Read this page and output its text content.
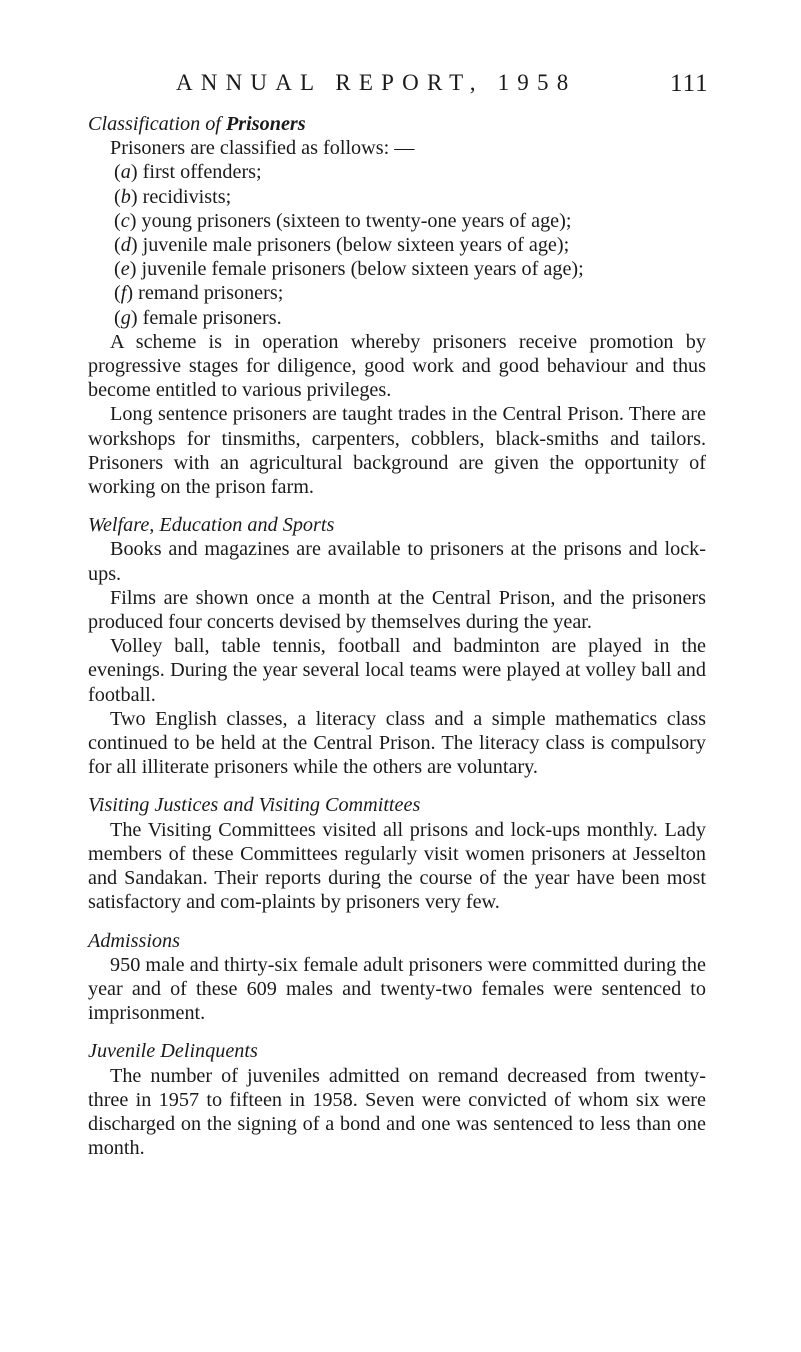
ANNUAL REPORT, 1958	111
Classification of Prisoners

Prisoners are classified as follows: —

(a) first offenders;
(b) recidivists;
(c) young prisoners (sixteen to twenty-one years of age);
(d) juvenile male prisoners (below sixteen years of age);
(e) juvenile female prisoners (below sixteen years of age);
(f) remand prisoners;
(g) female prisoners.

A scheme is in operation whereby prisoners receive promotion by progressive stages for diligence, good work and good behaviour and thus become entitled to various privileges.

Long sentence prisoners are taught trades in the Central Prison. There are workshops for tinsmiths, carpenters, cobblers, black-smiths and tailors. Prisoners with an agricultural background are given the opportunity of working on the prison farm.

Welfare, Education and Sports

Books and magazines are available to prisoners at the prisons and lock-ups.

Films are shown once a month at the Central Prison, and the prisoners produced four concerts devised by themselves during the year.

Volley ball, table tennis, football and badminton are played in the evenings. During the year several local teams were played at volley ball and football.

Two English classes, a literacy class and a simple mathematics class continued to be held at the Central Prison. The literacy class is compulsory for all illiterate prisoners while the others are voluntary.

Visiting Justices and Visiting Committees

The Visiting Committees visited all prisons and lock-ups monthly. Lady members of these Committees regularly visit women prisoners at Jesselton and Sandakan. Their reports during the course of the year have been most satisfactory and com-plaints by prisoners very few.

Admissions

950 male and thirty-six female adult prisoners were committed during the year and of these 609 males and twenty-two females were sentenced to imprisonment.

Juvenile Delinquents

The number of juveniles admitted on remand decreased from twenty-three in 1957 to fifteen in 1958. Seven were convicted of whom six were discharged on the signing of a bond and one was sentenced to less than one month.
